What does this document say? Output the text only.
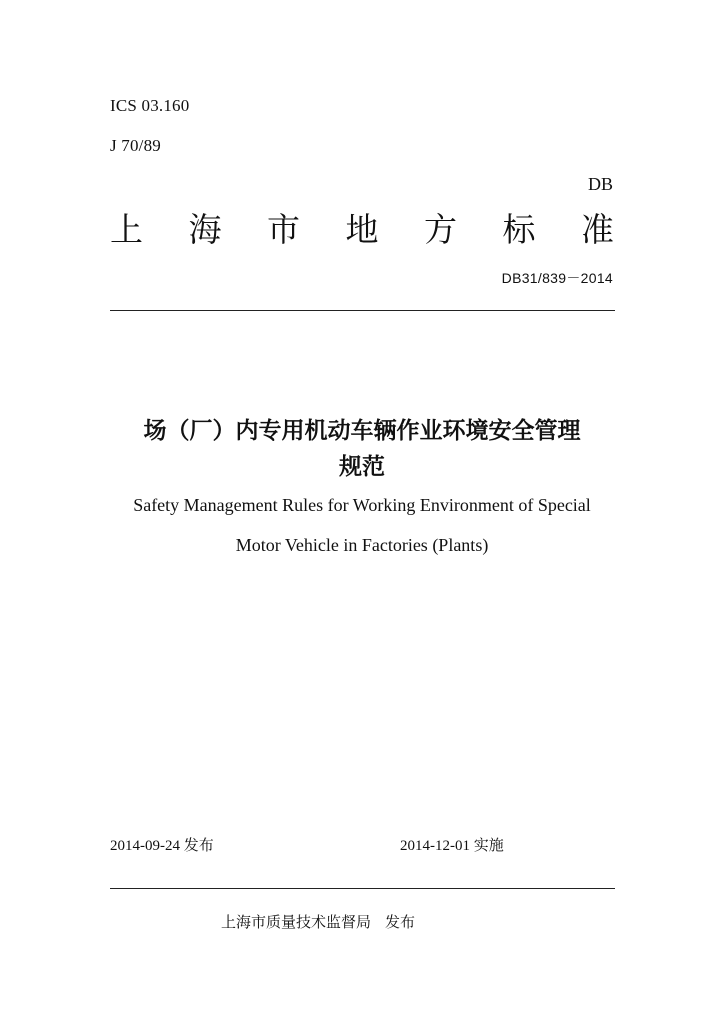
ICS 03.160
J 70/89
DB
上 海 市 地 方 标 准
DB31/839－2014
场（厂）内专用机动车辆作业环境安全管理
规范
Safety Management Rules for Working Environment of Special
Motor Vehicle in Factories (Plants)
2014-09-24 发布	2014-12-01 实施
上海市质量技术监督局 发布
